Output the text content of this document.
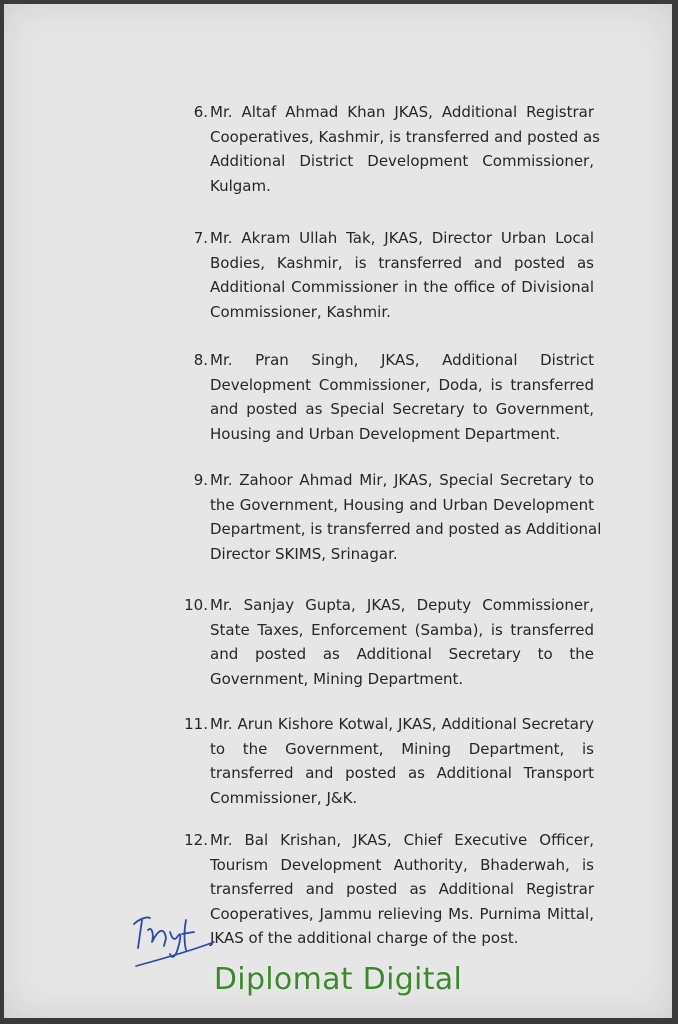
6. Mr. Altaf Ahmad Khan JKAS, Additional Registrar
Cooperatives, Kashmir, is transferred and posted as
Additional District Development Commissioner,
Kulgam.
7. Mr. Akram Ullah Tak, JKAS, Director Urban Local
Bodies, Kashmir, is transferred and posted as
Additional Commissioner in the office of Divisional
Commissioner, Kashmir.
8. Mr. Pran Singh, JKAS, Additional District
Development Commissioner, Doda, is transferred
and posted as Special Secretary to Government,
Housing and Urban Development Department.
9. Mr. Zahoor Ahmad Mir, JKAS, Special Secretary to
the Government, Housing and Urban Development
Department, is transferred and posted as Additional
Director SKIMS, Srinagar.
10. Mr. Sanjay Gupta, JKAS, Deputy Commissioner,
State Taxes, Enforcement (Samba), is transferred
and posted as Additional Secretary to the
Government, Mining Department.
11. Mr. Arun Kishore Kotwal, JKAS, Additional Secretary
to the Government, Mining Department, is
transferred and posted as Additional Transport
Commissioner, J&K.
12. Mr. Bal Krishan, JKAS, Chief Executive Officer,
Tourism Development Authority, Bhaderwah, is
transferred and posted as Additional Registrar
Cooperatives, Jammu relieving Ms. Purnima Mittal,
JKAS of the additional charge of the post.
Diplomat Digital
